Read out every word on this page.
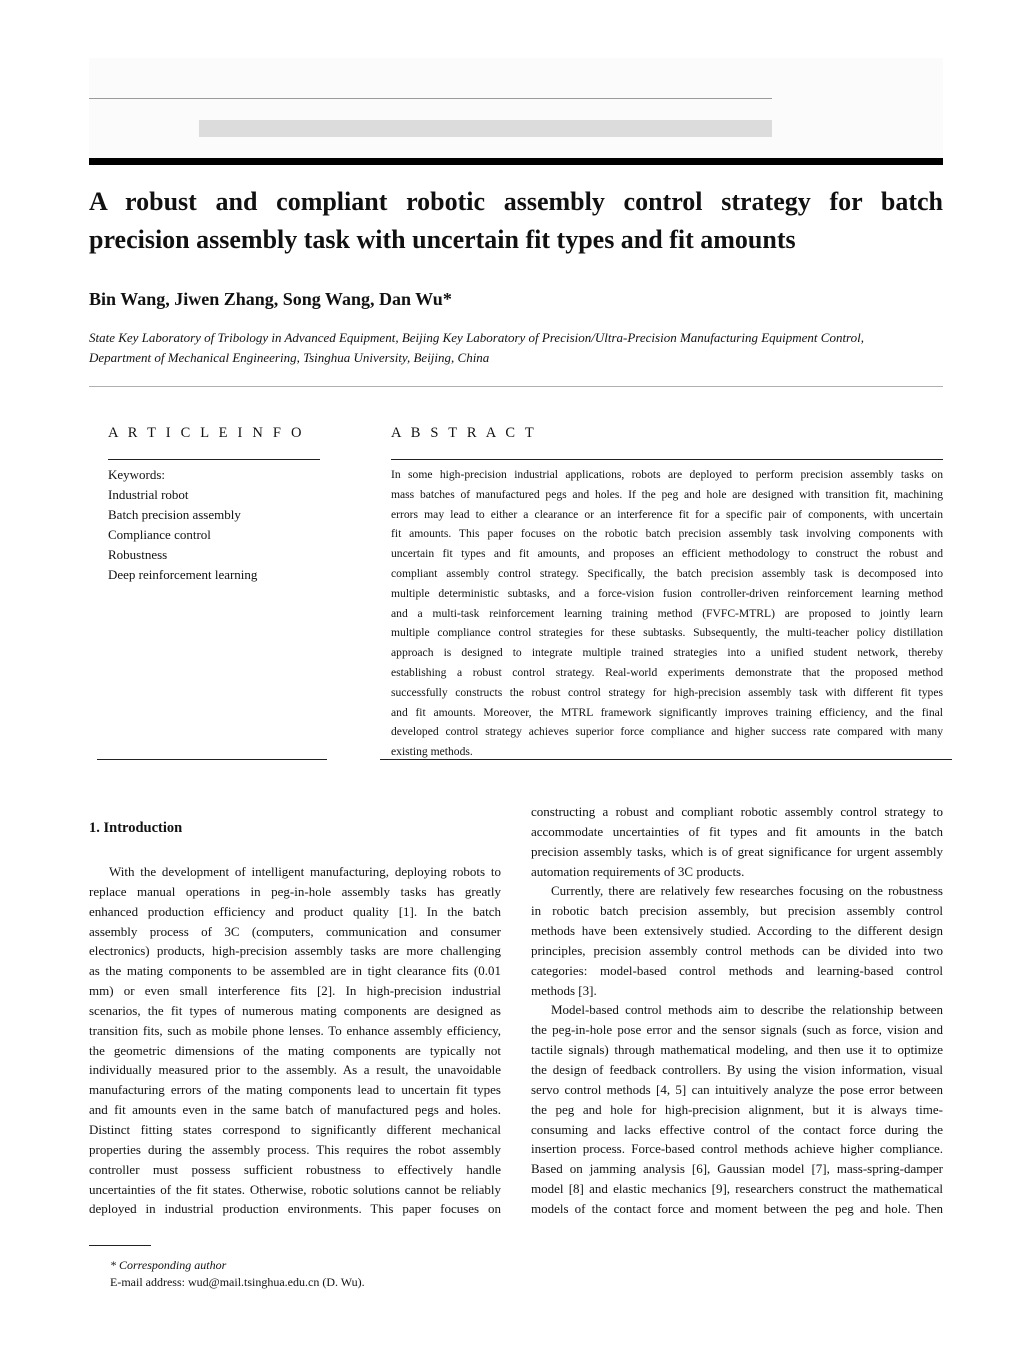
A robust and compliant robotic assembly control strategy for batch
precision assembly task with uncertain fit types and fit amounts
Bin Wang, Jiwen Zhang, Song Wang, Dan Wu*
State Key Laboratory of Tribology in Advanced Equipment, Beijing Key Laboratory of Precision/Ultra-Precision Manufacturing Equipment Control,
Department of Mechanical Engineering, Tsinghua University, Beijing, China
A R T I C L E I N F O	A B S T R A C T
Keywords:
Industrial robot
Batch precision assembly
Compliance control
Robustness
Deep reinforcement learning
In some high-precision industrial applications, robots are deployed to perform precision assembly tasks on
mass batches of manufactured pegs and holes. If the peg and hole are designed with transition fit, machining
errors may lead to either a clearance or an interference fit for a specific pair of components, with uncertain
fit amounts. This paper focuses on the robotic batch precision assembly task involving components with
uncertain fit types and fit amounts, and proposes an efficient methodology to construct the robust and
compliant assembly control strategy. Specifically, the batch precision assembly task is decomposed into
multiple deterministic subtasks, and a force-vision fusion controller-driven reinforcement learning method
and a multi-task reinforcement learning training method (FVFC-MTRL) are proposed to jointly learn
multiple compliance control strategies for these subtasks. Subsequently, the multi-teacher policy distillation
approach is designed to integrate multiple trained strategies into a unified student network, thereby
establishing a robust control strategy. Real-world experiments demonstrate that the proposed method
successfully constructs the robust control strategy for high-precision assembly task with different fit types
and fit amounts. Moreover, the MTRL framework significantly improves training efficiency, and the final
developed control strategy achieves superior force compliance and higher success rate compared with many
existing methods.
1. Introduction
With the development of intelligent manufacturing, deploying robots to
replace manual operations in peg-in-hole assembly tasks has greatly
enhanced production efficiency and product quality [1]. In the batch
assembly process of 3C (computers, communication and consumer
electronics) products, high-precision assembly tasks are more challenging
as the mating components to be assembled are in tight clearance fits (0.01
mm) or even small interference fits [2]. In high-precision industrial
scenarios, the fit types of numerous mating components are designed as
transition fits, such as mobile phone lenses. To enhance assembly efficiency,
the geometric dimensions of the mating components are typically not
individually measured prior to the assembly. As a result, the unavoidable
manufacturing errors of the mating components lead to uncertain fit types
and fit amounts even in the same batch of manufactured pegs and holes.
Distinct fitting states correspond to significantly different mechanical
properties during the assembly process. This requires the robot assembly
controller must possess sufficient robustness to effectively handle
uncertainties of the fit states. Otherwise, robotic solutions cannot be reliably
deployed in industrial production environments. This paper focuses on
constructing a robust and compliant robotic assembly control strategy to
accommodate uncertainties of fit types and fit amounts in the batch
precision assembly tasks, which is of great significance for urgent assembly
automation requirements of 3C products.
Currently, there are relatively few researches focusing on the robustness
in robotic batch precision assembly, but precision assembly control
methods have been extensively studied. According to the different design
principles, precision assembly control methods can be divided into two
categories: model-based control methods and learning-based control
methods [3].
Model-based control methods aim to describe the relationship between
the peg-in-hole pose error and the sensor signals (such as force, vision and
tactile signals) through mathematical modeling, and then use it to optimize
the design of feedback controllers. By using the vision information, visual
servo control methods [4, 5] can intuitively analyze the pose error between
the peg and hole for high-precision alignment, but it is always time-
consuming and lacks effective control of the contact force during the
insertion process. Force-based control methods achieve higher compliance.
Based on jamming analysis [6], Gaussian model [7], mass-spring-damper
model [8] and elastic mechanics [9], researchers construct the mathematical
models of the contact force and moment between the peg and hole. Then
* Corresponding author
E-mail address: wud@mail.tsinghua.edu.cn (D. Wu).
